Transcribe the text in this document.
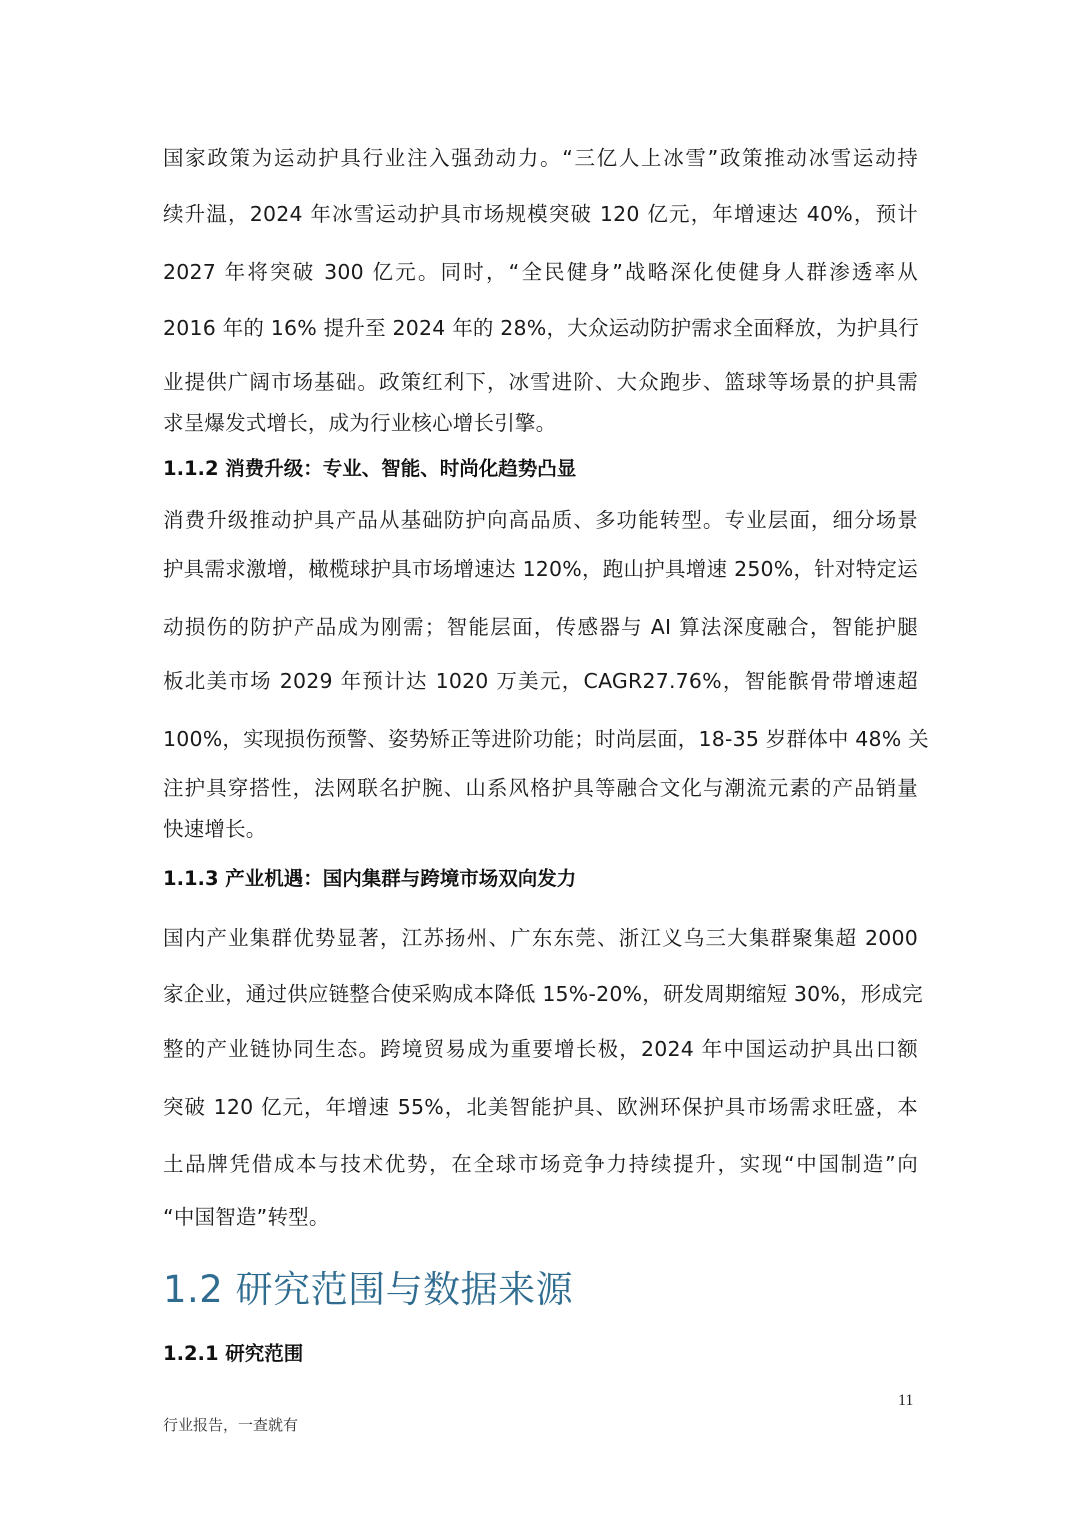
国家政策为运动护具行业注入强劲动力。“三亿人上冰雪”政策推动冰雪运动持
续升温，2024 年冰雪运动护具市场规模突破 120 亿元，年增速达 40%，预计
2027 年将突破 300 亿元。同时，“全民健身”战略深化使健身人群渗透率从
2016 年的 16% 提升至 2024 年的 28%，大众运动防护需求全面释放，为护具行
业提供广阔市场基础。政策红利下，冰雪进阶、大众跑步、篮球等场景的护具需
求呈爆发式增长，成为行业核心增长引擎。
1.1.2 消费升级：专业、智能、时尚化趋势凸显
消费升级推动护具产品从基础防护向高品质、多功能转型。专业层面，细分场景
护具需求激增，橄榄球护具市场增速达 120%，跑山护具增速 250%，针对特定运
动损伤的防护产品成为刚需；智能层面，传感器与 AI 算法深度融合，智能护腿
板北美市场 2029 年预计达 1020 万美元，CAGR27.76%，智能髌骨带增速超
100%，实现损伤预警、姿势矫正等进阶功能；时尚层面，18-35 岁群体中 48% 关
注护具穿搭性，法网联名护腕、山系风格护具等融合文化与潮流元素的产品销量
快速增长。
1.1.3 产业机遇：国内集群与跨境市场双向发力
国内产业集群优势显著，江苏扬州、广东东莞、浙江义乌三大集群聚集超 2000
家企业，通过供应链整合使采购成本降低 15%-20%，研发周期缩短 30%，形成完
整的产业链协同生态。跨境贸易成为重要增长极，2024 年中国运动护具出口额
突破 120 亿元，年增速 55%，北美智能护具、欧洲环保护具市场需求旺盛，本
土品牌凭借成本与技术优势，在全球市场竞争力持续提升，实现“中国制造”向
“中国智造”转型。
1.2 研究范围与数据来源
1.2.1 研究范围
11
行业报告，一查就有
